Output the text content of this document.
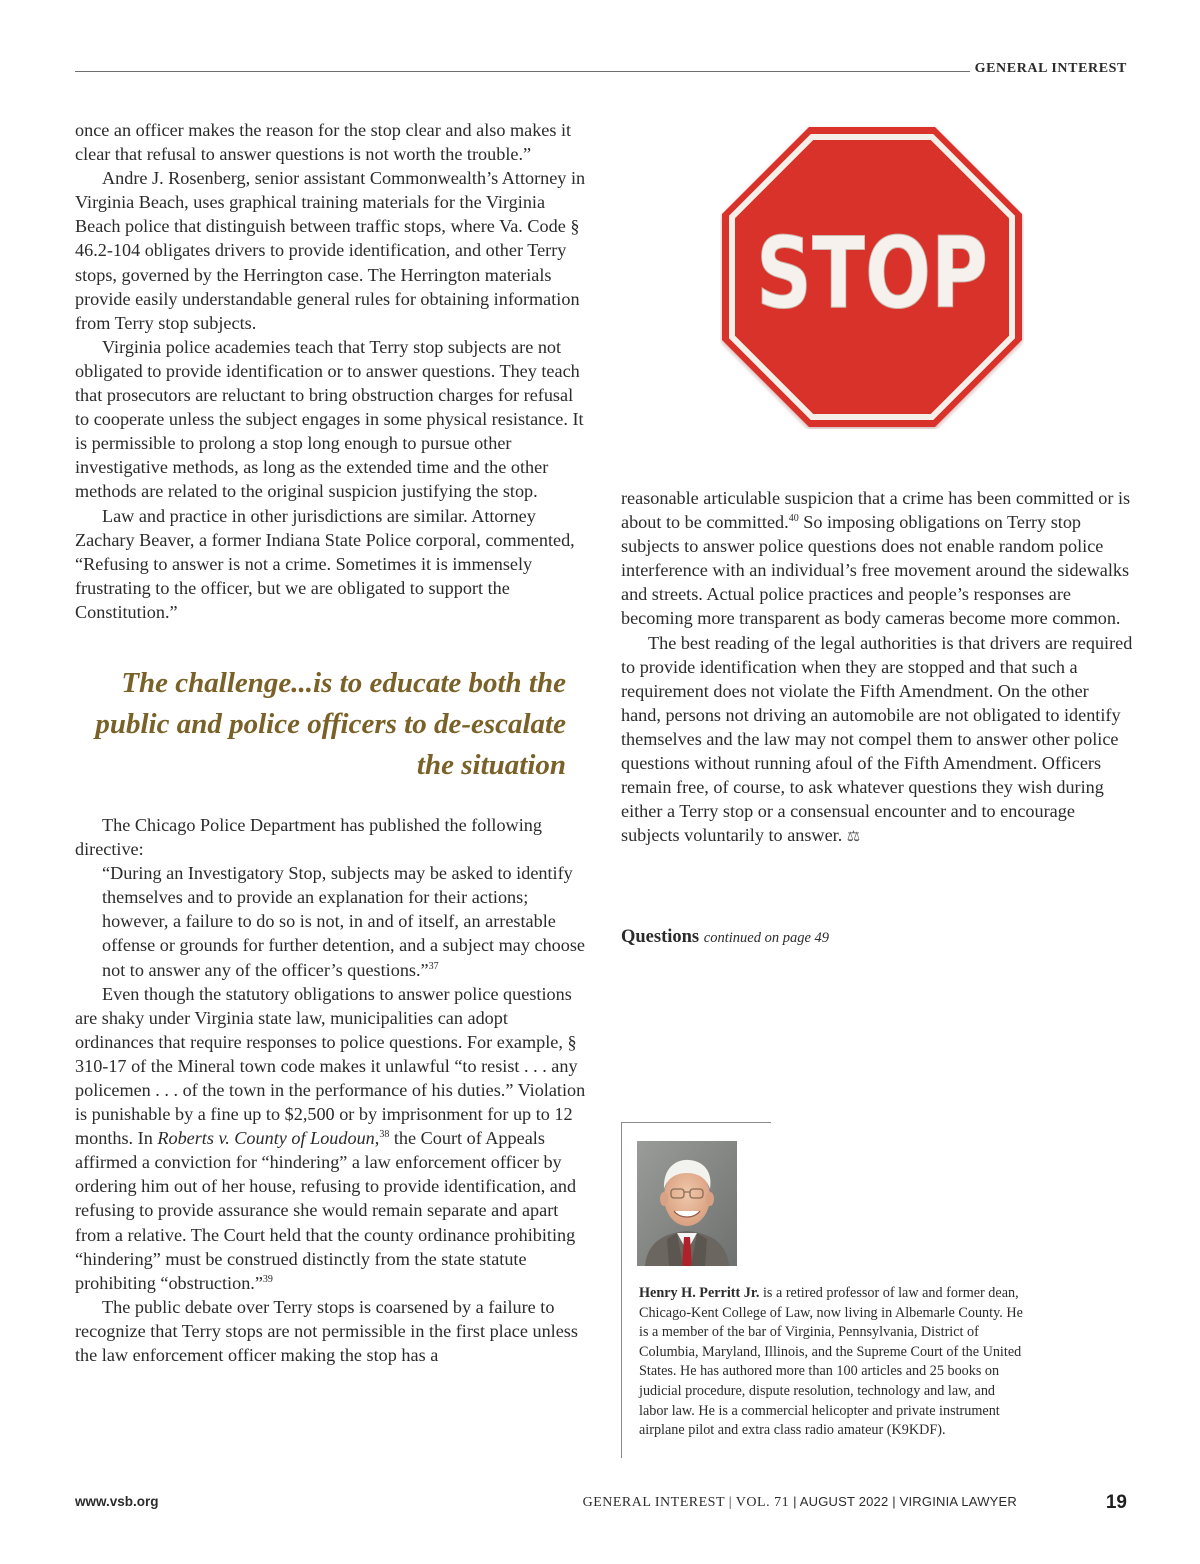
GENERAL INTEREST

once an officer makes the reason for the stop clear and also makes it clear that refusal to answer questions is not worth the trouble.”

Andre J. Rosenberg, senior assistant Commonwealth’s Attorney in Virginia Beach, uses graphical training materials for the Virginia Beach police that distinguish between traffic stops, where Va. Code § 46.2-104 obligates drivers to provide identification, and other Terry stops, governed by the Herrington case. The Herrington materials provide easily understandable general rules for obtaining information from Terry stop subjects.

Virginia police academies teach that Terry stop subjects are not obligated to provide identification or to answer questions. They teach that prosecutors are reluctant to bring obstruction charges for refusal to cooperate unless the subject engages in some physical resistance. It is permissible to prolong a stop long enough to pursue other investigative methods, as long as the extended time and the other methods are related to the original suspicion justifying the stop.

Law and practice in other jurisdictions are similar. Attorney Zachary Beaver, a former Indiana State Police corporal, commented, “Refusing to answer is not a crime. Sometimes it is immensely frustrating to the officer, but we are obligated to support the Constitution.”

The challenge...is to educate both the public and police officers to de-escalate the situation

The Chicago Police Department has published the following directive:

“During an Investigatory Stop, subjects may be asked to identify themselves and to provide an explanation for their actions; however, a failure to do so is not, in and of itself, an arrestable offense or grounds for further detention, and a subject may choose not to answer any of the officer’s questions.”$^{37}$

Even though the statutory obligations to answer police questions are shaky under Virginia state law, municipalities can adopt ordinances that require responses to police questions. For example, § 310-17 of the Mineral town code makes it unlawful “to resist . . . any policemen . . . of the town in the performance of his duties.” Violation is punishable by a fine up to $2,500 or by imprisonment for up to 12 months. In Roberts v. County of Loudoun,$^{38}$ the Court of Appeals affirmed a conviction for “hindering” a law enforcement officer by ordering him out of her house, refusing to provide identification, and refusing to provide assurance she would remain separate and apart from a relative. The Court held that the county ordinance prohibiting “hindering” must be construed distinctly from the state statute prohibiting “obstruction.”$^{39}$

The public debate over Terry stops is coarsened by a failure to recognize that Terry stops are not permissible in the first place unless the law enforcement officer making the stop has a

STOP

reasonable articulable suspicion that a crime has been committed or is about to be committed.$^{40}$ So imposing obligations on Terry stop subjects to answer police questions does not enable random police interference with an individual’s free movement around the sidewalks and streets. Actual police practices and people’s responses are becoming more transparent as body cameras become more common.

The best reading of the legal authorities is that drivers are required to provide identification when they are stopped and that such a requirement does not violate the Fifth Amendment. On the other hand, persons not driving an automobile are not obligated to identify themselves and the law may not compel them to answer other police questions without running afoul of the Fifth Amendment. Officers remain free, of course, to ask whatever questions they wish during either a Terry stop or a consensual encounter and to encourage subjects voluntarily to answer. ⚖

Questions continued on page 49
Henry H. Perritt Jr. is a retired professor of law and former dean, Chicago-Kent College of Law, now living in Albemarle County. He is a member of the bar of Virginia, Pennsylvania, District of Columbia, Maryland, Illinois, and the Supreme Court of the United States. He has authored more than 100 articles and 25 books on judicial procedure, dispute resolution, technology and law, and labor law. He is a commercial helicopter and private instrument airplane pilot and extra class radio amateur (K9KDF).
www.vsb.org	GENERAL INTEREST | VOL. 71 | AUGUST 2022 | VIRGINIA LAWYER	19
